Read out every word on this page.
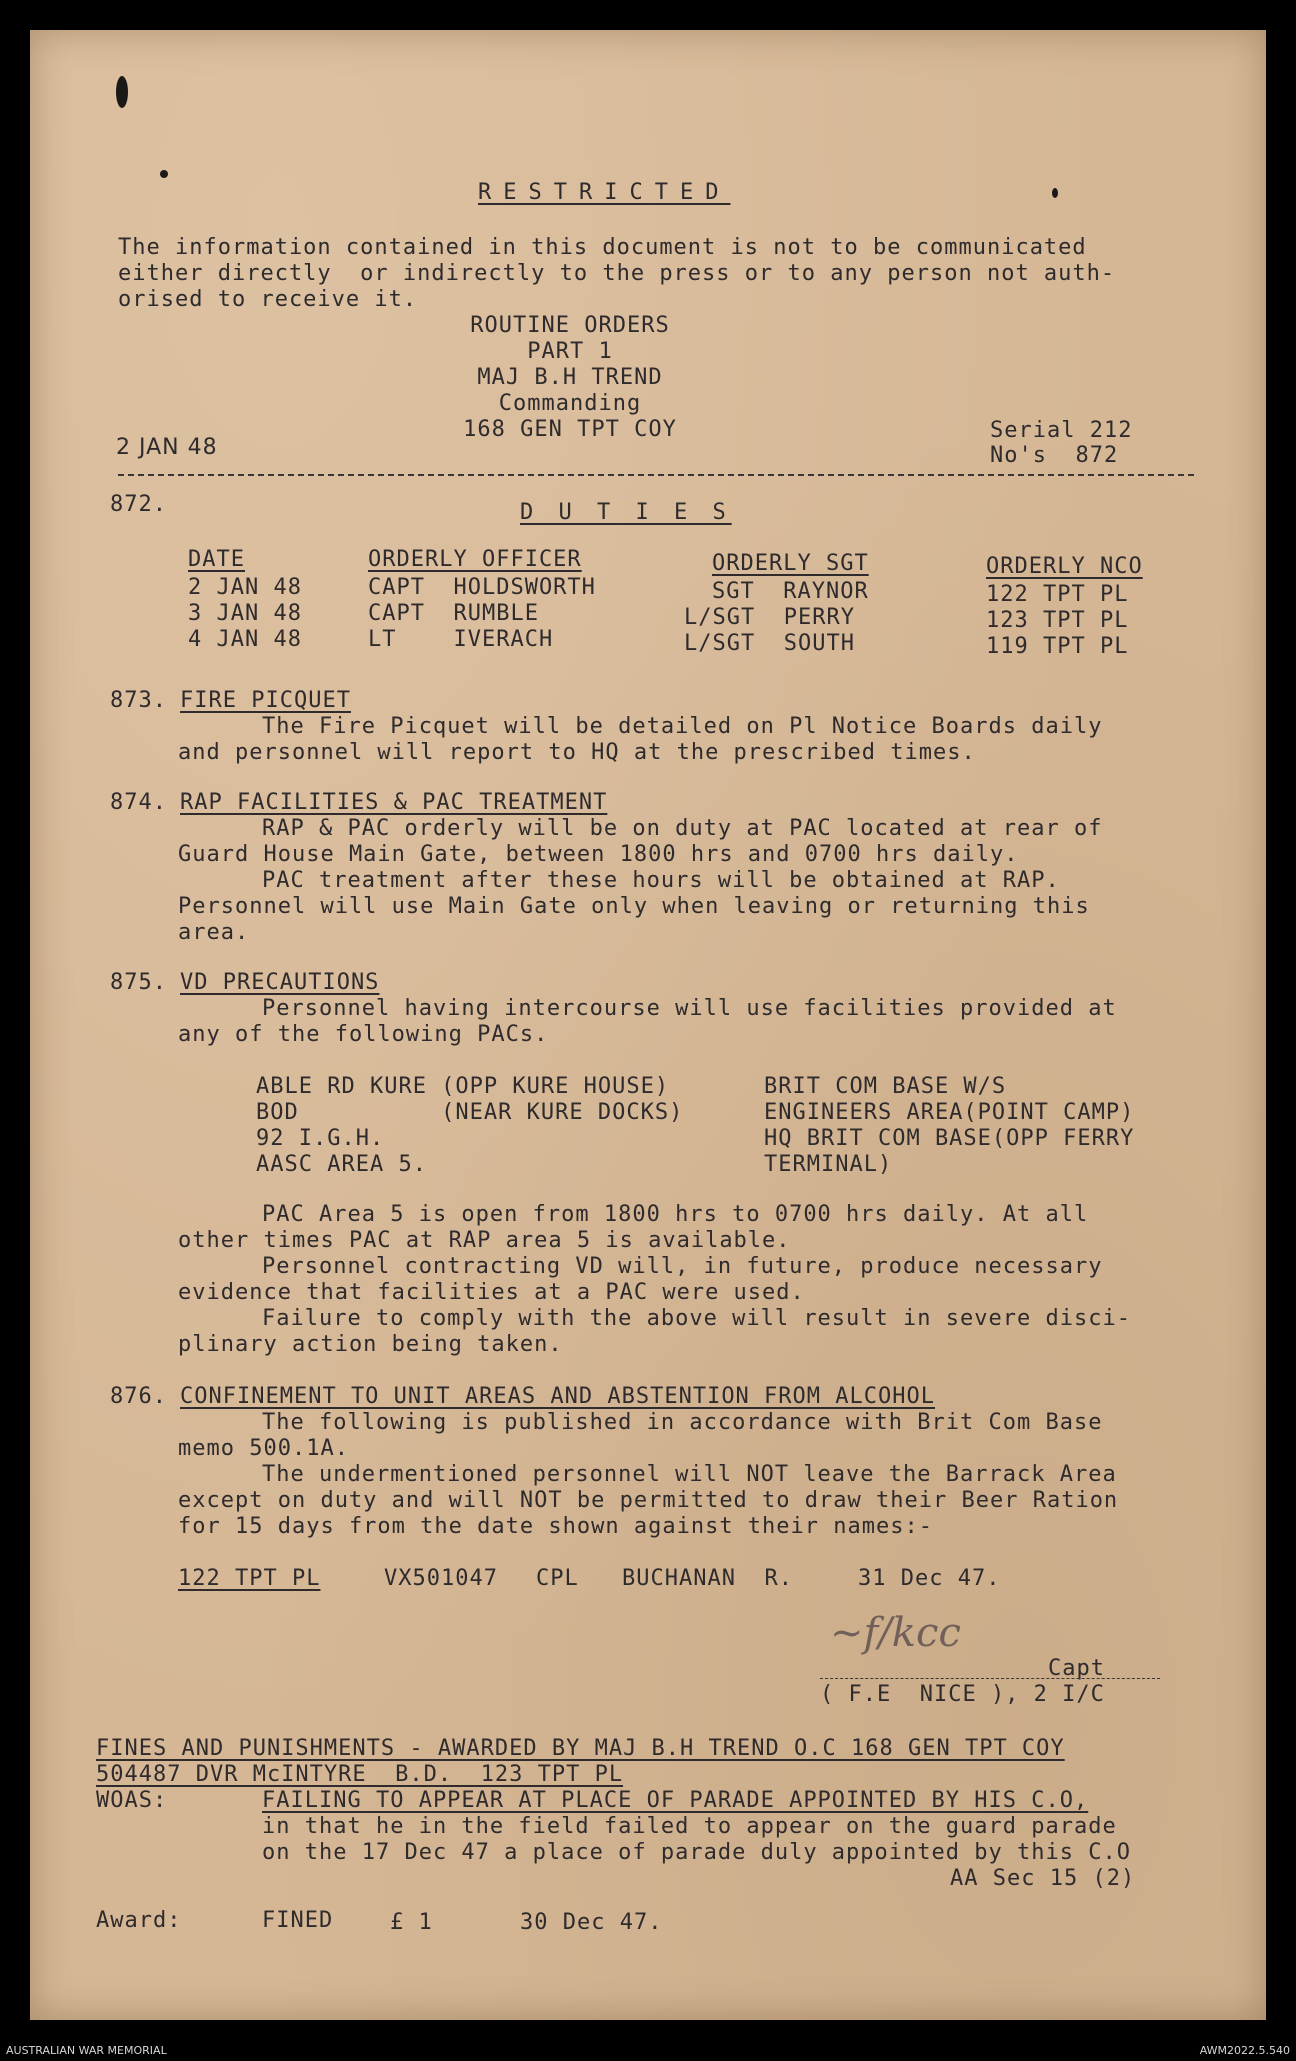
RESTRICTED
The information contained in this document is not to be communicated
either directly  or indirectly to the press or to any person not auth-
orised to receive it.
ROUTINE ORDERS
PART 1
MAJ B.H TREND
Commanding
168 GEN TPT COY
2 JAN 48
Serial 212
No's  872
872.	D U T I E S
DATE	ORDERLY OFFICER	ORDERLY SGT	ORDERLY NCO
2 JAN 48	CAPT  HOLDSWORTH	SGT  RAYNOR	122 TPT PL
3 JAN 48	CAPT  RUMBLE	L/SGT  PERRY	123 TPT PL
4 JAN 48	LT    IVERACH	L/SGT  SOUTH	119 TPT PL
873. FIRE PICQUET
The Fire Picquet will be detailed on Pl Notice Boards daily
and personnel will report to HQ at the prescribed times.
874. RAP FACILITIES & PAC TREATMENT
RAP & PAC orderly will be on duty at PAC located at rear of
Guard House Main Gate, between 1800 hrs and 0700 hrs daily.
PAC treatment after these hours will be obtained at RAP.
Personnel will use Main Gate only when leaving or returning this
area.
875. VD PRECAUTIONS
Personnel having intercourse will use facilities provided at
any of the following PACs.
ABLE RD KURE (OPP KURE HOUSE)
BOD          (NEAR KURE DOCKS)
92 I.G.H.
AASC AREA 5.
BRIT COM BASE W/S
ENGINEERS AREA(POINT CAMP)
HQ BRIT COM BASE(OPP FERRY
TERMINAL)
PAC Area 5 is open from 1800 hrs to 0700 hrs daily. At all
other times PAC at RAP area 5 is available.
Personnel contracting VD will, in future, produce necessary
evidence that facilities at a PAC were used.
Failure to comply with the above will result in severe disci-
plinary action being taken.
876. CONFINEMENT TO UNIT AREAS AND ABSTENTION FROM ALCOHOL
The following is published in accordance with Brit Com Base
memo 500.1A.
The undermentioned personnel will NOT leave the Barrack Area
except on duty and will NOT be permitted to draw their Beer Ration
for 15 days from the date shown against their names:-
122 TPT PL	VX501047 CPL BUCHANAN  R.	31 Dec 47.
~f/kcc
Capt
( F.E  NICE ), 2 I/C
FINES AND PUNISHMENTS - AWARDED BY MAJ B.H TREND O.C 168 GEN TPT COY
504487 DVR McINTYRE  B.D.  123 TPT PL
WOAS:	FAILING TO APPEAR AT PLACE OF PARADE APPOINTED BY HIS C.O,
in that he in the field failed to appear on the guard parade
on the 17 Dec 47 a place of parade duly appointed by this C.O
AA Sec 15 (2)
Award:	FINED	£ 1	30 Dec 47.
AUSTRALIAN WAR MEMORIAL	AWM2022.5.540
